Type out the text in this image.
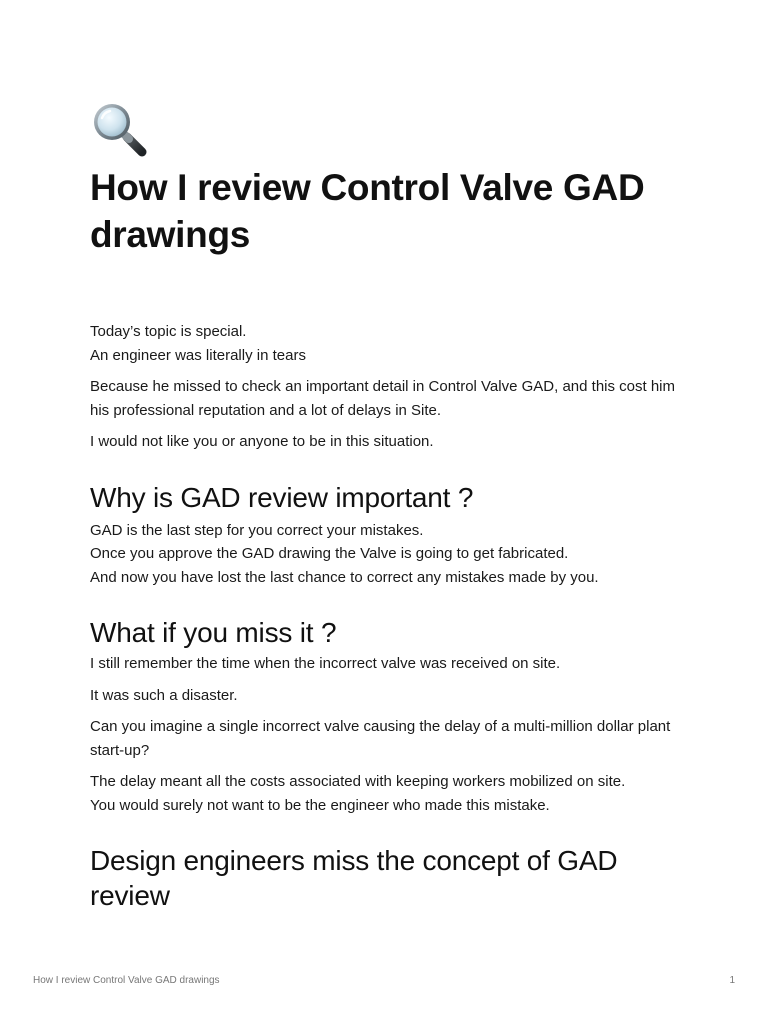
How I review Control Valve GAD drawings

Today’s topic is special.

An engineer was literally in tears

Because he missed to check an important detail in Control Valve GAD, and this cost him his professional reputation and a lot of delays in Site.

I would not like you or anyone to be in this situation.

Why is GAD review important ?

GAD is the last step for you correct your mistakes.

Once you approve the GAD drawing the Valve is going to get fabricated.

And now you have lost the last chance to correct any mistakes made by you.

What if you miss it ?

I still remember the time when the incorrect valve was received on site.

It was such a disaster.

Can you imagine a single incorrect valve causing the delay of a multi-million dollar plant start-up?

The delay meant all the costs associated with keeping workers mobilized on site.

You would surely not want to be the engineer who made this mistake.

Design engineers miss the concept of GAD review
How I review Control Valve GAD drawings	1
